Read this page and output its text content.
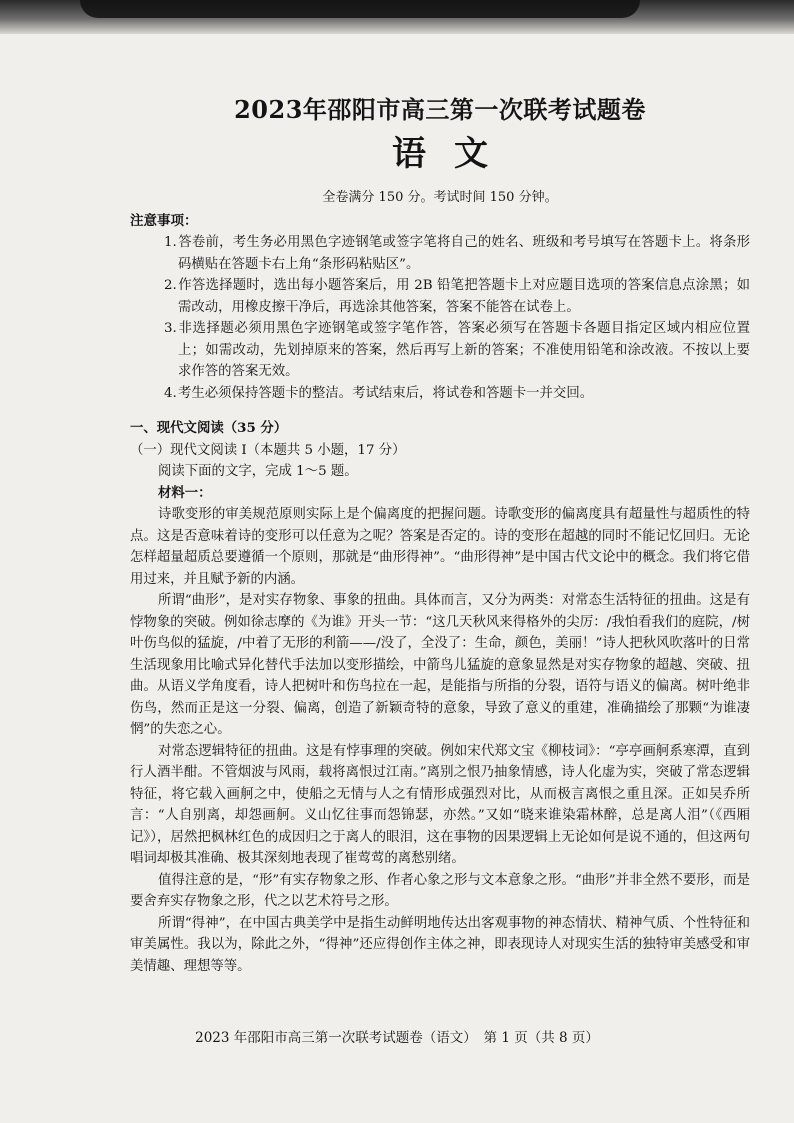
2023年邵阳市高三第一次联考试题卷
语文

全卷满分 150 分。考试时间 150 分钟。

注意事项：

1.答卷前，考生务必用黑色字迹钢笔或签字笔将自己的姓名、班级和考号填写在答题卡上。将条形码横贴在答题卡右上角“条形码粘贴区”。
2.作答选择题时，选出每小题答案后，用 2B 铅笔把答题卡上对应题目选项的答案信息点涂黑；如需改动，用橡皮擦干净后，再选涂其他答案，答案不能答在试卷上。
3.非选择题必须用黑色字迹钢笔或签字笔作答，答案必须写在答题卡各题目指定区域内相应位置上；如需改动，先划掉原来的答案，然后再写上新的答案；不准使用铅笔和涂改液。不按以上要求作答的答案无效。
4.考生必须保持答题卡的整洁。考试结束后，将试卷和答题卡一并交回。

一、现代文阅读（35 分）

（一）现代文阅读 Ⅰ（本题共 5 小题，17 分）

阅读下面的文字，完成 1～5 题。

材料一：

诗歌变形的审美规范原则实际上是个偏离度的把握问题。诗歌变形的偏离度具有超量性与超质性的特点。这是否意味着诗的变形可以任意为之呢？答案是否定的。诗的变形在超越的同时不能记忆回归。无论怎样超量超质总要遵循一个原则，那就是“曲形得神”。“曲形得神”是中国古代文论中的概念。我们将它借用过来，并且赋予新的内涵。

所谓“曲形”，是对实存物象、事象的扭曲。具体而言，又分为两类：对常态生活特征的扭曲。这是有悖物象的突破。例如徐志摩的《为谁》开头一节：“这几天秋风来得格外的尖厉：/我怕看我们的庭院，/树叶伤鸟似的猛旋，/中着了无形的利箭——/没了，全没了：生命，颜色，美丽！”诗人把秋风吹落叶的日常生活现象用比喻式异化替代手法加以变形描绘，中箭鸟儿猛旋的意象显然是对实存物象的超越、突破、扭曲。从语义学角度看，诗人把树叶和伤鸟拉在一起，是能指与所指的分裂，语符与语义的偏离。树叶绝非伤鸟，然而正是这一分裂、偏离，创造了新颖奇特的意象，导致了意义的重建，准确描绘了那颗“为谁凄惘”的失恋之心。

对常态逻辑特征的扭曲。这是有悖事理的突破。例如宋代郑文宝《柳枝词》：“亭亭画舸系寒潭，直到行人酒半酣。不管烟波与风雨，载将离恨过江南。”离别之恨乃抽象情感，诗人化虚为实，突破了常态逻辑特征，将它载入画舸之中，使船之无情与人之有情形成强烈对比，从而极言离恨之重且深。正如吴乔所言：“人自别离，却怨画舸。义山忆往事而怨锦瑟，亦然。”又如“晓来谁染霜林醉，总是离人泪”（《西厢记》），居然把枫林红色的成因归之于离人的眼泪，这在事物的因果逻辑上无论如何是说不通的，但这两句唱词却极其准确、极其深刻地表现了崔莺莺的离愁别绪。

值得注意的是，“形”有实存物象之形、作者心象之形与文本意象之形。“曲形”并非全然不要形，而是要舍弃实存物象之形，代之以艺术符号之形。

所谓“得神”，在中国古典美学中是指生动鲜明地传达出客观事物的神态情状、精神气质、个性特征和审美属性。我以为，除此之外，“得神”还应得创作主体之神，即表现诗人对现实生活的独特审美感受和审美情趣、理想等等。

2023 年邵阳市高三第一次联考试题卷（语文）　第 1 页（共 8 页）
